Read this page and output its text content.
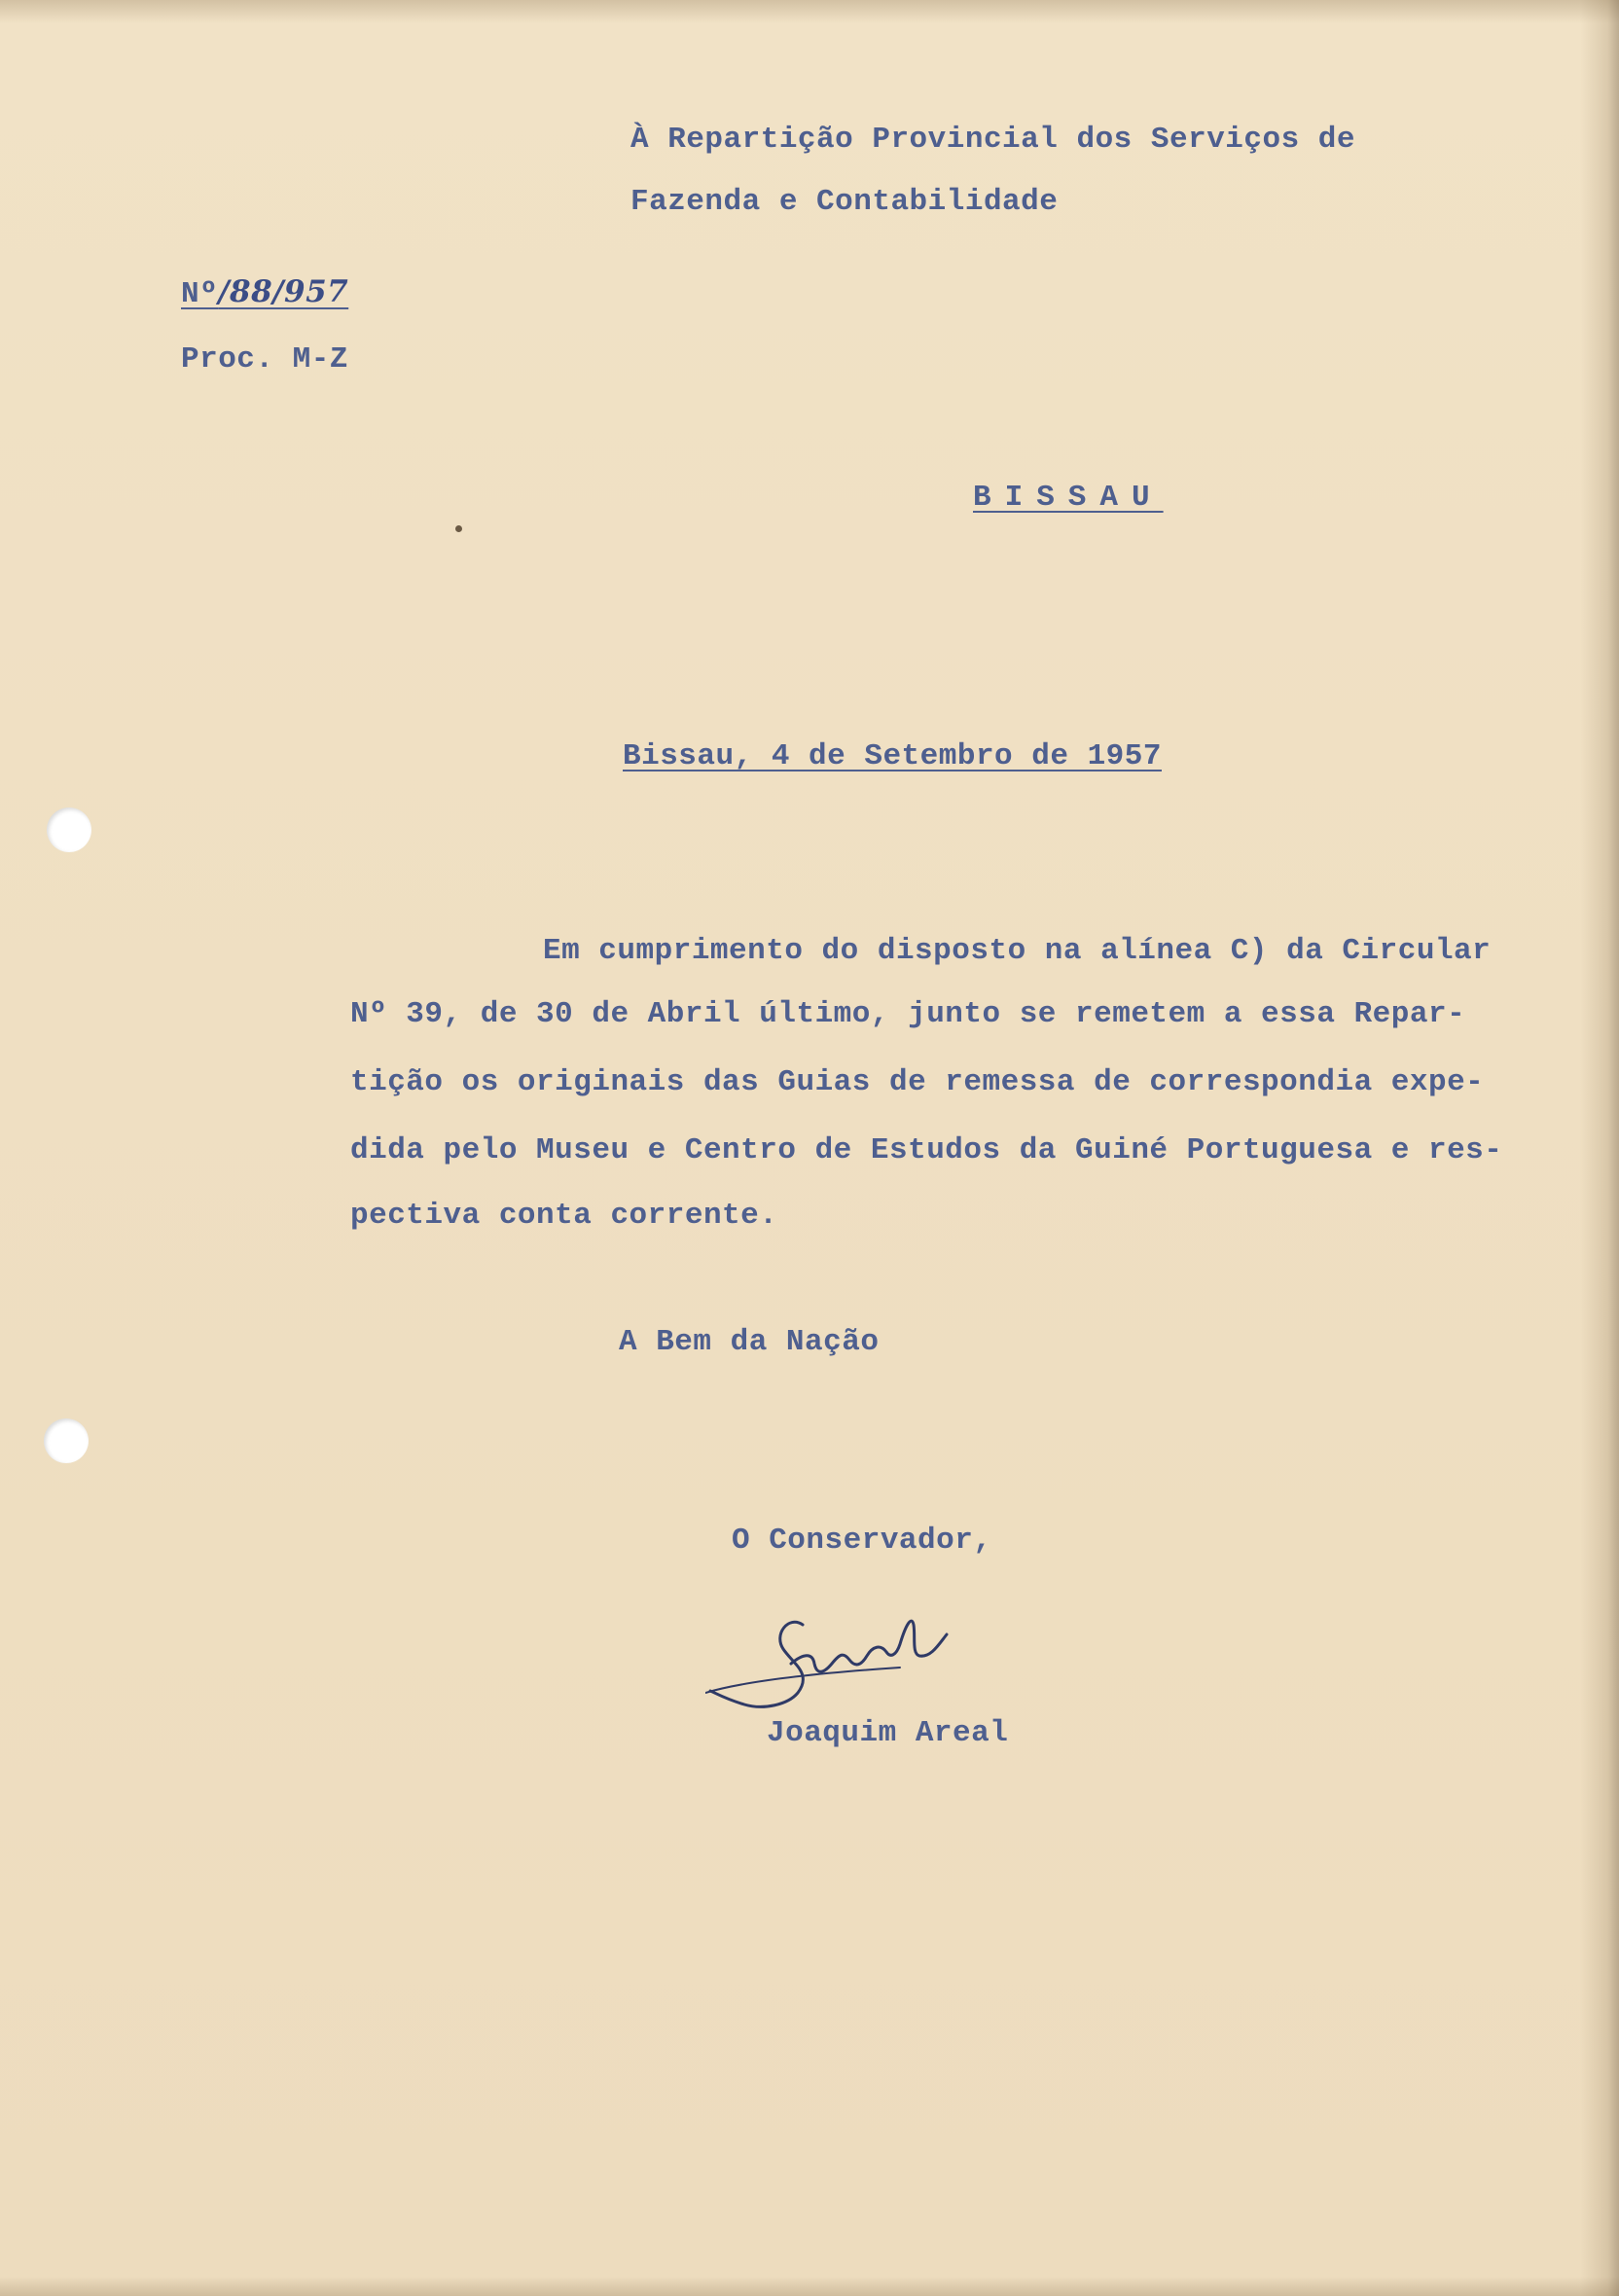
À Repartição Provincial dos Serviços de
Fazenda e Contabilidade
Nº/88/957
Proc. M-Z
BISSAU
Bissau, 4 de Setembro de 1957
Em cumprimento do disposto na alínea C) da Circular
Nº 39, de 30 de Abril último, junto se remetem a essa Repar-
tição os originais das Guias de remessa de correspondia expe-
dida pelo Museu e Centro de Estudos da Guiné Portuguesa e res-
pectiva conta corrente.
A Bem da Nação
O Conservador,
Joaquim Areal
